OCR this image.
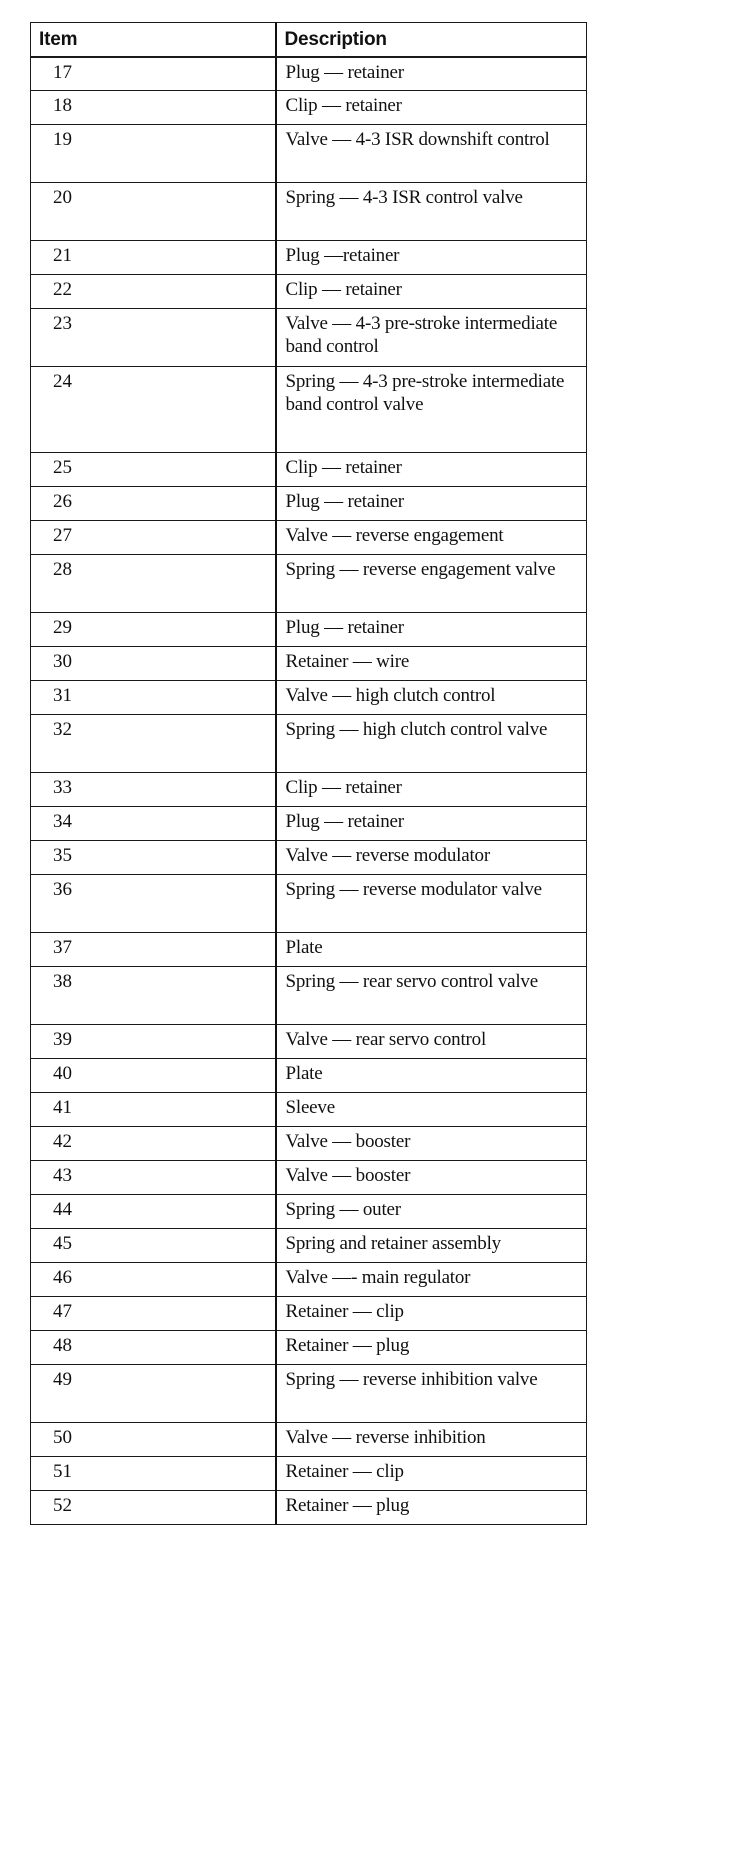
Item	Description
17	Plug — retainer
18	Clip — retainer
19	Valve — 4-3 ISR downshift control
20	Spring — 4-3 ISR control valve
21	Plug —retainer
22	Clip — retainer
23	Valve — 4-3 pre-stroke intermediate band control
24	Spring — 4-3 pre-stroke intermediate band control valve
25	Clip — retainer
26	Plug — retainer
27	Valve — reverse engagement
28	Spring — reverse engagement valve
29	Plug — retainer
30	Retainer — wire
31	Valve — high clutch control
32	Spring — high clutch control valve
33	Clip — retainer
34	Plug — retainer
35	Valve — reverse modulator
36	Spring — reverse modulator valve
37	Plate
38	Spring — rear servo control valve
39	Valve — rear servo control
40	Plate
41	Sleeve
42	Valve — booster
43	Valve — booster
44	Spring — outer
45	Spring and retainer assembly
46	Valve —- main regulator
47	Retainer — clip
48	Retainer — plug
49	Spring — reverse inhibition valve
50	Valve — reverse inhibition
51	Retainer — clip
52	Retainer — plug
